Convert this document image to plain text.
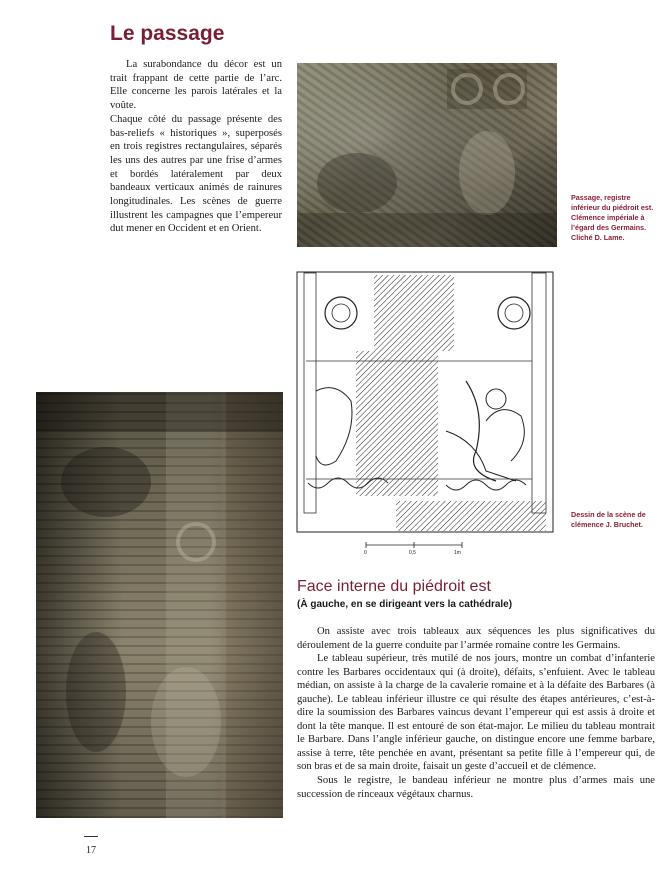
Le passage

La surabondance du décor est un trait frappant de cette partie de l’arc. Elle concerne les parois latérales et la voûte.

Chaque côté du passage présente des bas-reliefs « historiques », superposés en trois registres rectangulaires, séparés les uns des autres par une frise d’armes et bordés latéralement par deux bandeaux verticaux animés de rainures longitudinales. Les scènes de guerre illustrent les campagnes que l’empereur dut mener en Occident et en Orient.

Passage, registre inférieur du piédroit est. Clémence impériale à l’égard des Germains. Cliché D. Lame.
0	0,5	1m
Dessin de la scène de clémence J. Bruchet.
Face interne du piédroit est
(À gauche, en se dirigeant vers la cathédrale)

On assiste avec trois tableaux aux séquences les plus significatives du déroulement de la guerre conduite par l’armée romaine contre les Germains.

Le tableau supérieur, très mutilé de nos jours, montre un combat d’infanterie contre les Barbares occidentaux qui (à droite), défaits, s’enfuient. Avec le tableau médian, on assiste à la charge de la cavalerie romaine et à la défaite des Barbares (à gauche). Le tableau inférieur illustre ce qui résulte des étapes antérieures, c’est-à-dire la soumission des Barbares vaincus devant l’empereur qui est assis à droite et dont la tête manque. Il est entouré de son état-major. Le milieu du tableau montrait le Barbare. Dans l’angle inférieur gauche, on distingue encore une femme barbare, assise à terre, tête penchée en avant, présentant sa petite fille à l’empereur qui, de son bras et de sa main droite, faisait un geste d’accueil et de clémence.

Sous le registre, le bandeau inférieur ne montre plus d’armes mais une succession de rinceaux végétaux charnus.

17
